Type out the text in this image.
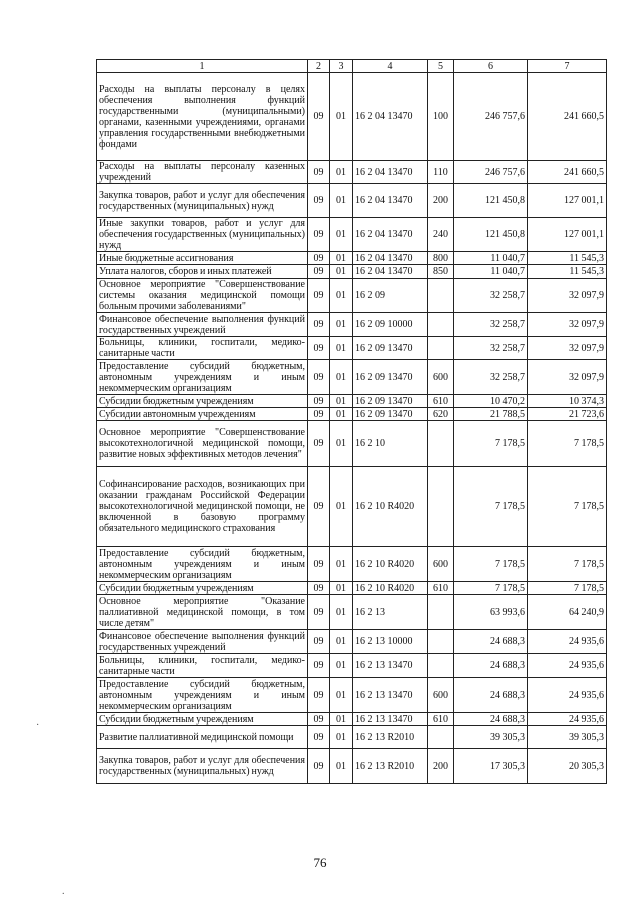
·
.
1	2	3	4	5	6	7
Расходы на выплаты персоналу в целях обеспечения выполнения функций государственными (муниципальными) органами, казенными учреждениями, органами управления государственными внебюджетными фондами	09	01	16 2 04 13470	100	246 757,6	241 660,5
Расходы на выплаты персоналу казенных учреждений	09	01	16 2 04 13470	110	246 757,6	241 660,5
Закупка товаров, работ и услуг для обеспечения государственных (муниципальных) нужд	09	01	16 2 04 13470	200	121 450,8	127 001,1
Иные закупки товаров, работ и услуг для обеспечения государственных (муниципальных) нужд	09	01	16 2 04 13470	240	121 450,8	127 001,1
Иные бюджетные ассигнования	09	01	16 2 04 13470	800	11 040,7	11 545,3
Уплата налогов, сборов и иных платежей	09	01	16 2 04 13470	850	11 040,7	11 545,3
Основное мероприятие "Совершенствование системы оказания медицинской помощи больным прочими заболеваниями"	09	01	16 2 09		32 258,7	32 097,9
Финансовое обеспечение выполнения функций государственных учреждений	09	01	16 2 09 10000		32 258,7	32 097,9
Больницы, клиники, госпитали, медико-санитарные части	09	01	16 2 09 13470		32 258,7	32 097,9
Предоставление субсидий бюджетным, автономным учреждениям и иным некоммерческим организациям	09	01	16 2 09 13470	600	32 258,7	32 097,9
Субсидии бюджетным учреждениям	09	01	16 2 09 13470	610	10 470,2	10 374,3
Субсидии автономным учреждениям	09	01	16 2 09 13470	620	21 788,5	21 723,6
Основное мероприятие "Совершенствование высокотехнологичной медицинской помощи, развитие новых эффективных методов лечения"	09	01	16 2 10		7 178,5	7 178,5
Софинансирование расходов, возникающих при оказании гражданам Российской Федерации высокотехнологичной медицинской помощи, не включенной в базовую программу обязательного медицинского страхования	09	01	16 2 10 R4020		7 178,5	7 178,5
Предоставление субсидий бюджетным, автономным учреждениям и иным некоммерческим организациям	09	01	16 2 10 R4020	600	7 178,5	7 178,5
Субсидии бюджетным учреждениям	09	01	16 2 10 R4020	610	7 178,5	7 178,5
Основное мероприятие "Оказание паллиативной медицинской помощи, в том числе детям"	09	01	16 2 13		63 993,6	64 240,9
Финансовое обеспечение выполнения функций государственных учреждений	09	01	16 2 13 10000		24 688,3	24 935,6
Больницы, клиники, госпитали, медико-санитарные части	09	01	16 2 13 13470		24 688,3	24 935,6
Предоставление субсидий бюджетным, автономным учреждениям и иным некоммерческим организациям	09	01	16 2 13 13470	600	24 688,3	24 935,6
Субсидии бюджетным учреждениям	09	01	16 2 13 13470	610	24 688,3	24 935,6
Развитие паллиативной медицинской помощи	09	01	16 2 13 R2010		39 305,3	39 305,3
Закупка товаров, работ и услуг для обеспечения государственных (муниципальных) нужд	09	01	16 2 13 R2010	200	17 305,3	20 305,3
76
